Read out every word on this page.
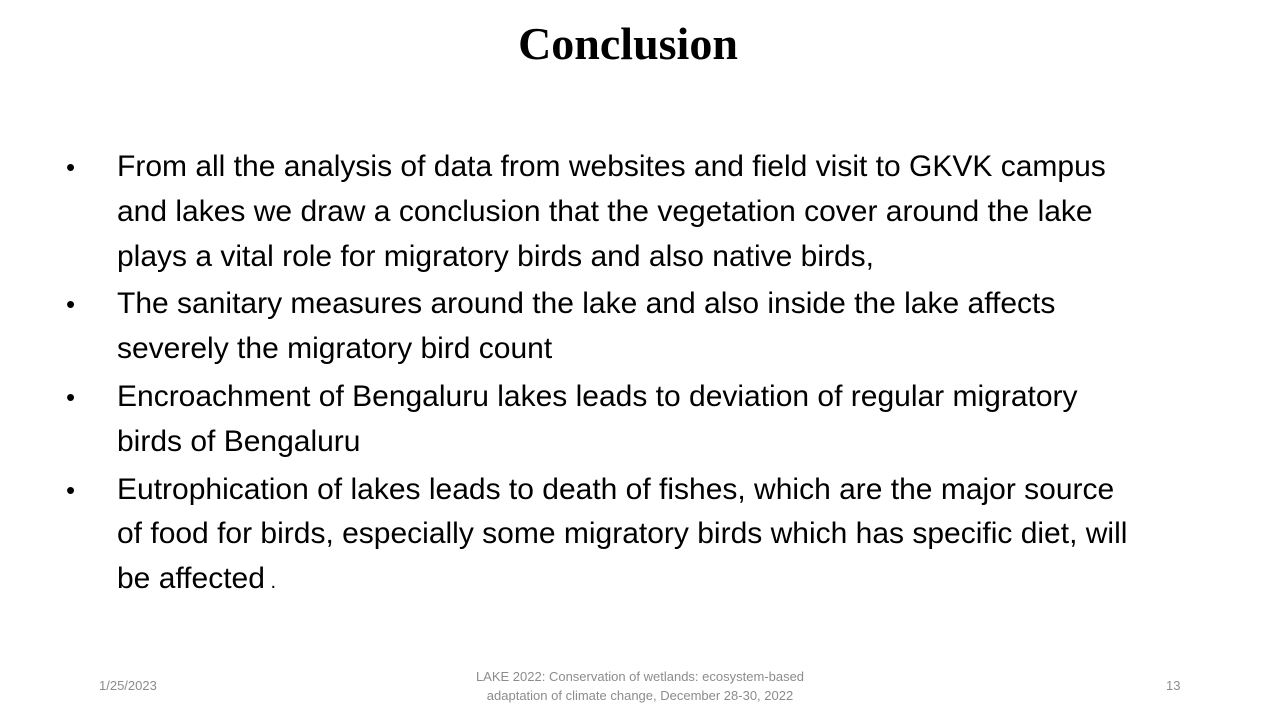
Conclusion
• From all the analysis of data from websites and field visit to GKVK campus and lakes we draw a conclusion that the vegetation cover around the lake plays a vital role for migratory birds and also native birds,
• The sanitary measures around the lake and also inside the lake affects severely the migratory bird count
• Encroachment of Bengaluru lakes leads to deviation of regular migratory birds of Bengaluru
• Eutrophication of lakes leads to death of fishes, which are the major source of food for birds, especially some migratory birds which has specific diet, will be affected .
1/25/2023
LAKE 2022: Conservation of wetlands: ecosystem-based
adaptation of climate change, December 28-30, 2022
13
